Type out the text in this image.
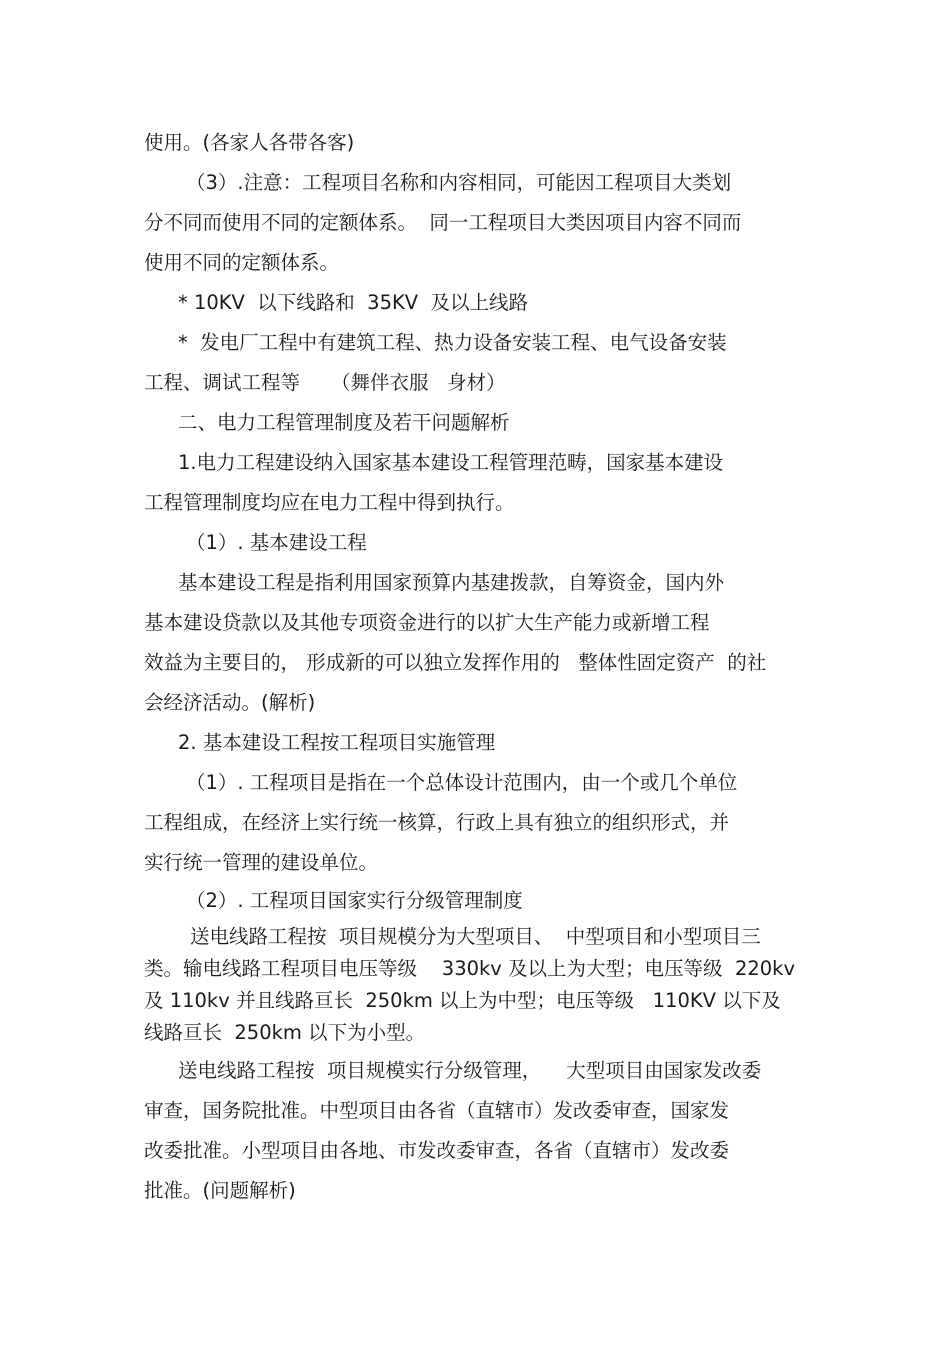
使用。(各家人各带各客)
（3）.注意：工程项目名称和内容相同，可能因工程项目大类划
分不同而使用不同的定额体系。  同一工程项目大类因项目内容不同而
使用不同的定额体系。
* 10KV  以下线路和  35KV  及以上线路
*  发电厂工程中有建筑工程、热力设备安装工程、电气设备安装
工程、调试工程等     （舞伴衣服   身材）
二、电力工程管理制度及若干问题解析
1.电力工程建设纳入国家基本建设工程管理范畴，国家基本建设
工程管理制度均应在电力工程中得到执行。
（1）. 基本建设工程
基本建设工程是指利用国家预算内基建拨款，自筹资金，国内外
基本建设贷款以及其他专项资金进行的以扩大生产能力或新增工程
效益为主要目的， 形成新的可以独立发挥作用的   整体性固定资产  的社
会经济活动。(解析)
2. 基本建设工程按工程项目实施管理
（1）. 工程项目是指在一个总体设计范围内，由一个或几个单位
工程组成，在经济上实行统一核算，行政上具有独立的组织形式，并
实行统一管理的建设单位。
（2）. 工程项目国家实行分级管理制度
送电线路工程按  项目规模分为大型项目、  中型项目和小型项目三
类。输电线路工程项目电压等级    330kv 及以上为大型；电压等级  220kv
及 110kv 并且线路亘长  250km 以上为中型；电压等级   110KV 以下及
线路亘长  250km 以下为小型。
送电线路工程按  项目规模实行分级管理，    大型项目由国家发改委
审查，国务院批准。中型项目由各省（直辖市）发改委审查，国家发
改委批准。小型项目由各地、市发改委审查，各省（直辖市）发改委
批准。(问题解析)
